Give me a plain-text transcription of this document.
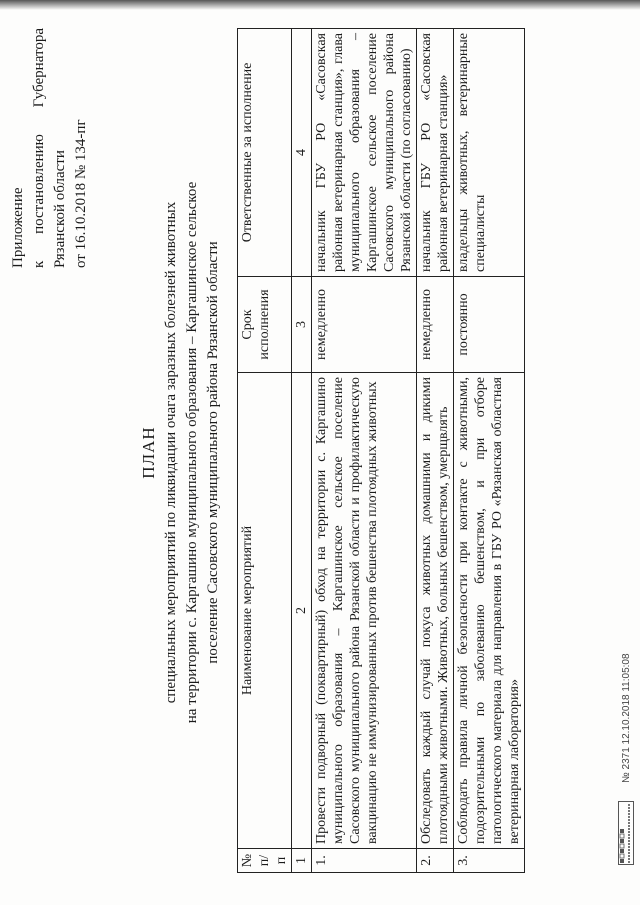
Приложение к
постановлению
Губернатора
Рязанской области от 16.10.2018 № 134-пг
ПЛАН специальных мероприятий по ликвидации очага заразных болезней животных на территории с. Каргашино муниципального образования – Каргашинское сельское поселение Сасовского муниципального района Рязанской области
№ п/п	Наименование мероприятий	Срок исполнения	Ответственные за исполнение
1	2	3	4
1.	Провести подворный (поквартирный) обход на территории с. Каргашино муниципального образования – Каргашинское сельское поселение Сасовского муниципального района Рязанской области и профилактическую вакцинацию не иммунизированных против бешенства плотоядных животных	немедленно	начальник ГБУ РО «Сасовская районная ветеринарная станция», глава муниципального образования – Каргашинское сельское поселение Сасовского муниципального района Рязанской области (по согласованию)

2.	Обследовать каждый случай покуса животных домашними и дикими плотоядными животными. Животных, больных бешенством, умерщвлять	немедленно	начальник ГБУ РО «Сасовская районная ветеринарная станция»

3.	Соблюдать правила личной безопасности при контакте с животными, подозрительными по заболеванию бешенством, и при отборе патологического материала для направления в ГБУ РО «Рязанская областная ветеринарная лаборатория»	постоянно	владельцы животных, ветеринарные специалисты
№ 2371 12.10.2018 11:05:08
